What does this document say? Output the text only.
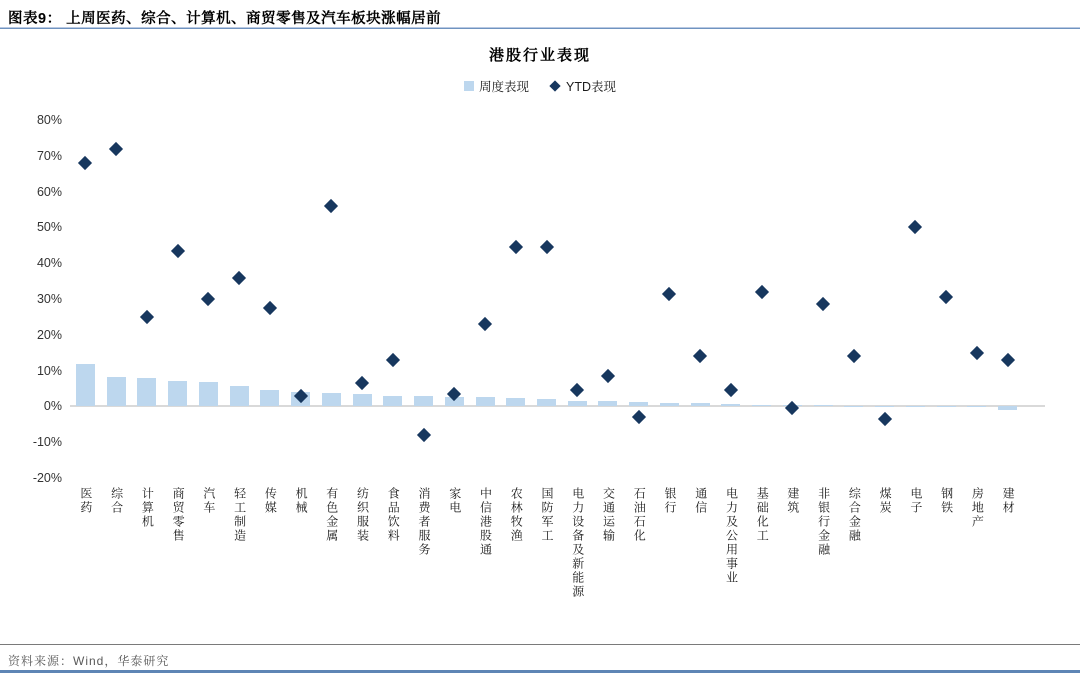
图表9： 上周医药、综合、计算机、商贸零售及汽车板块涨幅居前
港股行业表现
周度表现	YTD表现
资料来源：Wind，华泰研究
80%
70%
60%
50%
40%
30%
20%
10%
0%
-10%
-20%
医药 综合 计算机 商贸零售 汽车 轻工制造 传媒 机械 有色金属 纺织服装 食品饮料 消费者服务 家电 中信港股通 农林牧渔 国防军工 电力设备及新能源 交通运输 石油石化 银行 通信 电力及公用事业 基础化工 建筑 非银行金融 综合金融 煤炭 电子 钢铁 房地产 建材
